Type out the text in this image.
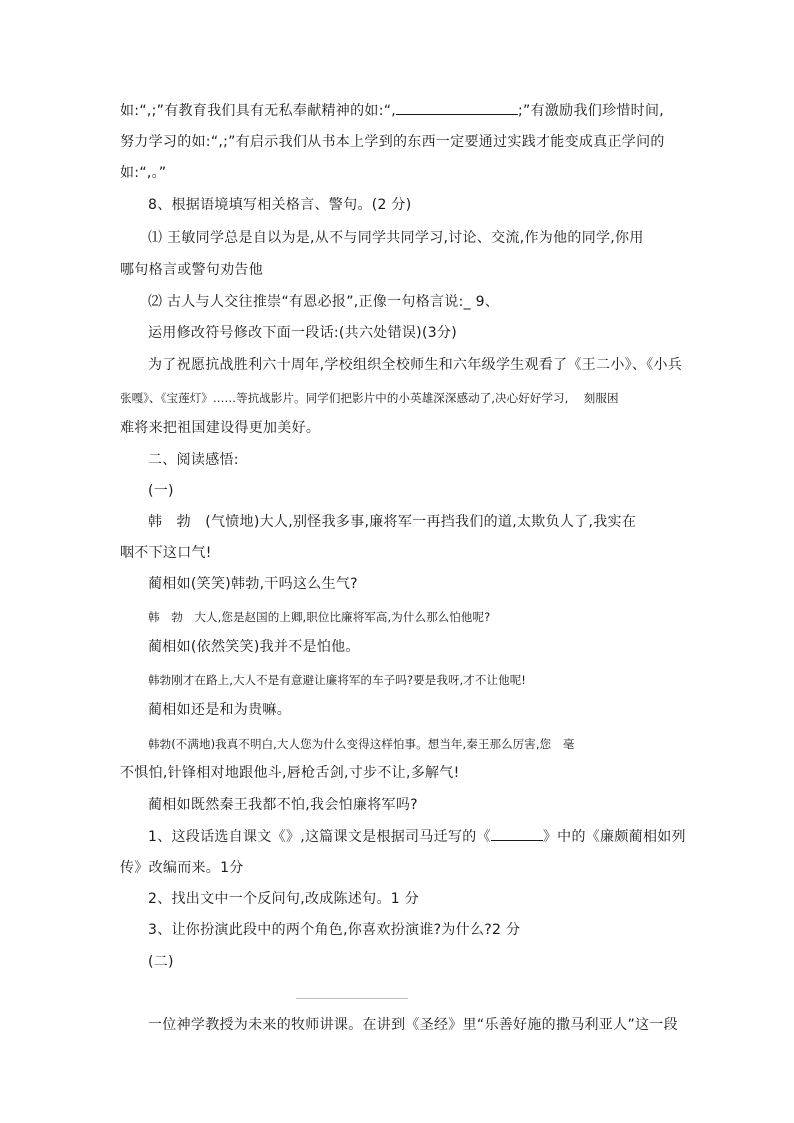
如:“,;”有教育我们具有无私奉献精神的如:“,	;”有激励我们珍惜时间,
努力学习的如:“,;”有启示我们从书本上学到的东西一定要通过实践才能变成真正学问的
如:“,。”
8、根据语境填写相关格言、警句。(2 分)
⑴ 王敏同学总是自以为是,从不与同学共同学习,讨论、交流,作为他的同学,你用
哪句格言或警句劝告他
⑵ 古人与人交往推崇“有恩必报”,正像一句格言说:_ 9、
运用修改符号修改下面一段话:(共六处错误)(3分)
为了祝愿抗战胜利六十周年,学校组织全校师生和六年级学生观看了《王二小》、《小兵
张嘎》、《宝莲灯》……等抗战影片。同学们把影片中的小英雄深深感动了,决心好好学习,　 刻服困
难将来把祖国建设得更加美好。
二、阅读感悟:
(一)
韩　勃　(气愤地)大人,别怪我多事,廉将军一再挡我们的道,太欺负人了,我实在
咽不下这口气!
蔺相如(笑笑)韩勃,干吗这么生气?
韩　勃　大人,您是赵国的上卿,职位比廉将军高,为什么那么怕他呢?
蔺相如(依然笑笑)我并不是怕他。
韩勃刚才在路上,大人不是有意避让廉将军的车子吗?要是我呀,才不让他呢!
蔺相如还是和为贵嘛。
韩勃(不满地)我真不明白,大人您为什么变得这样怕事。想当年,秦王那么厉害,您　毫
不惧怕,针锋相对地跟他斗,唇枪舌剑,寸步不让,多解气!
蔺相如既然秦王我都不怕,我会怕廉将军吗?
1、这段话选自课文《》,这篇课文是根据司马迁写的《	》中的《廉颇蔺相如列
传》改编而来。1分
2、找出文中一个反问句,改成陈述句。1 分
3、让你扮演此段中的两个角色,你喜欢扮演谁?为什么?2 分
(二)
一位神学教授为未来的牧师讲课。在讲到《圣经》里“乐善好施的撒马利亚人”这一段
